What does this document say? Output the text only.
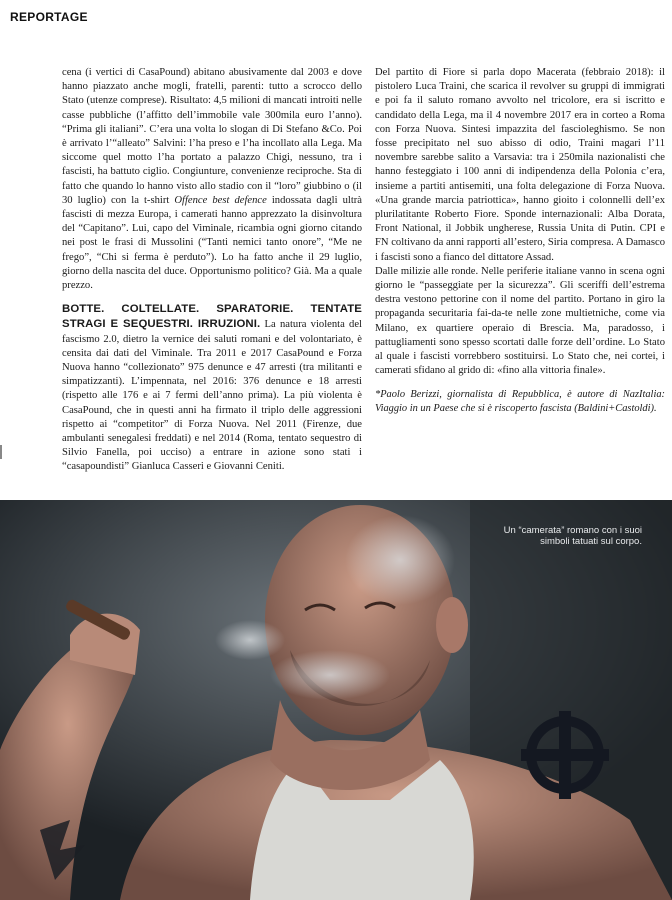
REPORTAGE

cena (i vertici di CasaPound) abitano abusivamente dal 2003 e dove hanno piazzato anche mogli, fratelli, parenti: tutto a scrocco dello Stato (utenze comprese). Risultato: 4,5 milioni di mancati introiti nelle casse pubbliche (l’affitto dell’immobile vale 300mila euro l’anno). “Prima gli italiani”. C’era una volta lo slogan di Di Stefano &Co. Poi è arrivato l’“alleato” Salvini: l’ha preso e l’ha incollato alla Lega. Ma siccome quel motto l’ha portato a palazzo Chigi, nessuno, tra i fascisti, ha battuto ciglio. Congiunture, convenienze reciproche. Sta di fatto che quando lo hanno visto allo stadio con il “loro” giubbino o (il 30 luglio) con la t-shirt Offence best defence indossata dagli ultrà fascisti di mezza Europa, i camerati hanno apprezzato la disinvoltura del “Capitano”. Lui, capo del Viminale, ricambia ogni giorno citando nei post le frasi di Mussolini (“Tanti nemici tanto onore”, “Me ne frego”, “Chi si ferma è perduto”). Lo ha fatto anche il 29 luglio, giorno della nascita del duce. Opportunismo politico? Già. Ma a quale prezzo.

BOTTE. COLTELLATE. SPARATORIE. TENTATE STRAGI E SEQUESTRI. IRRUZIONI. La natura violenta del fascismo 2.0, dietro la vernice dei saluti romani e del volontariato, è censita dai dati del Viminale. Tra 2011 e 2017 CasaPound e Forza Nuova hanno “collezionato” 975 denunce e 47 arresti (tra militanti e simpatizzanti). L’impennata, nel 2016: 376 denunce e 18 arresti (rispetto alle 176 e ai 7 fermi dell’anno prima). La più violenta è CasaPound, che in questi anni ha firmato il triplo delle aggressioni rispetto ai “competitor” di Forza Nuova. Nel 2011 (Firenze, due ambulanti senegalesi freddati) e nel 2014 (Roma, tentato sequestro di Silvio Fanella, poi ucciso) a entrare in azione sono stati i “casapoundisti” Gianluca Casseri e Giovanni Ceniti.

Del partito di Fiore si parla dopo Macerata (febbraio 2018): il pistolero Luca Traini, che scarica il revolver su gruppi di immigrati e poi fa il saluto romano avvolto nel tricolore, era si iscritto e candidato della Lega, ma il 4 novembre 2017 era in corteo a Roma con Forza Nuova. Sintesi impazzita del fascioleghismo. Se non fosse precipitato nel suo abisso di odio, Traini magari l’11 novembre sarebbe salito a Varsavia: tra i 250mila nazionalisti che hanno festeggiato i 100 anni di indipendenza della Polonia c’era, insieme a partiti antisemiti, una folta delegazione di Forza Nuova. «Una grande marcia patriottica», hanno gioito i colonnelli dell’ex plurilatitante Roberto Fiore. Sponde internazionali: Alba Dorata, Front National, il Jobbik ungherese, Russia Unita di Putin. CPI e FN coltivano da anni rapporti all’estero, Siria compresa. A Damasco i fascisti sono a fianco del dittatore Assad.

Dalle milizie alle ronde. Nelle periferie italiane vanno in scena ogni giorno le “passeggiate per la sicurezza”. Gli sceriffi dell’estrema destra vestono pettorine con il nome del partito. Portano in giro la propaganda securitaria fai-da-te nelle zone multietniche, come via Milano, ex quartiere operaio di Brescia. Ma, paradosso, i pattugliamenti sono spesso scortati dalle forze dell’ordine. Lo Stato al quale i fascisti vorrebbero sostituirsi. Lo Stato che, nei cortei, i camerati sfidano al grido di: «fino alla vittoria finale».

*Paolo Berizzi, giornalista di Repubblica, è autore di NazItalia: Viaggio in un Paese che si è riscoperto fascista (Baldini+Castoldi).

Un “camerata” romano con i suoi simboli tatuati sul corpo.
